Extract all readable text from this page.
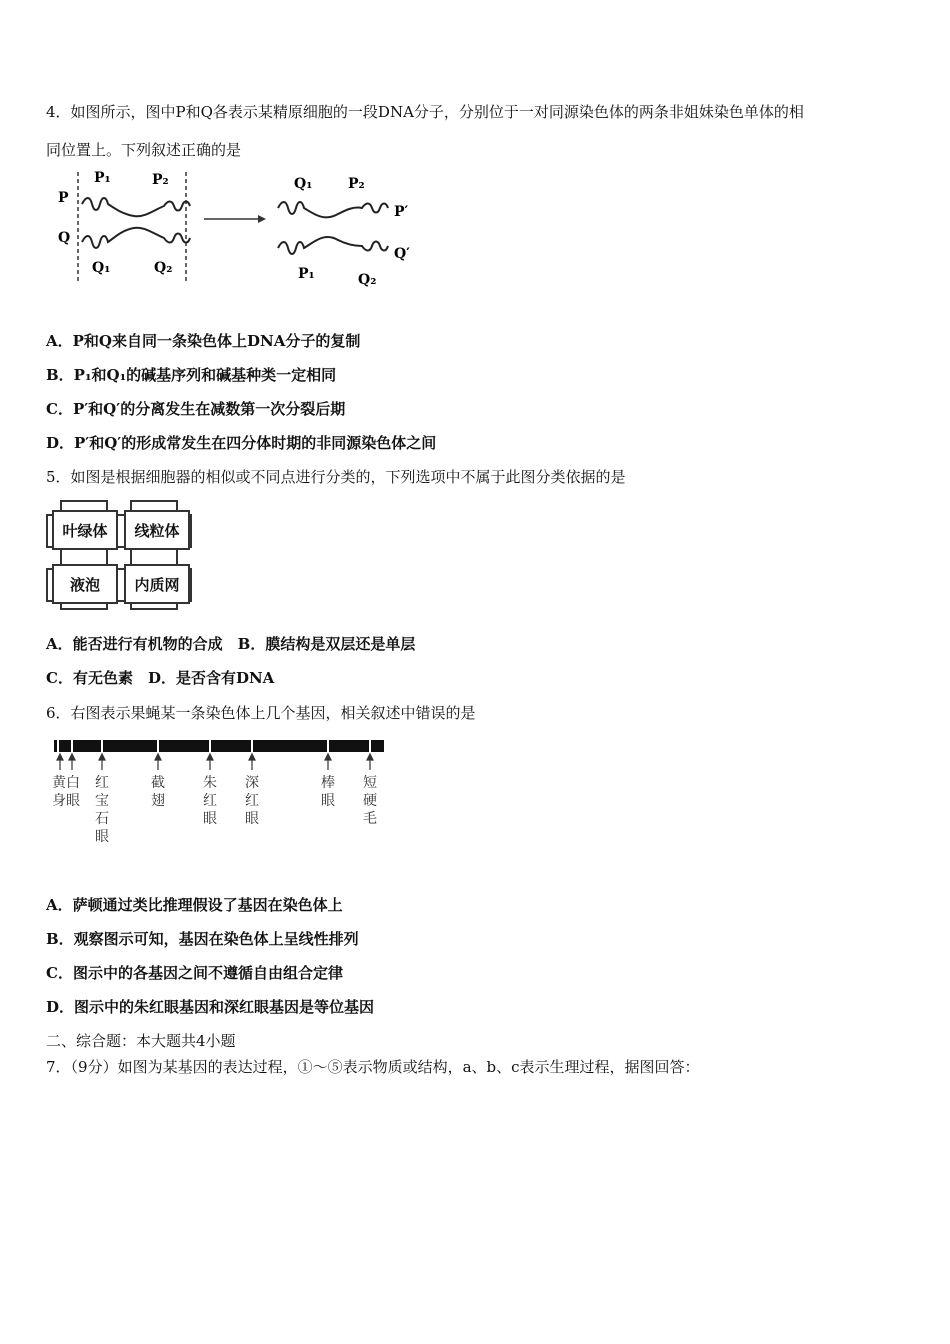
4．如图所示，图中P和Q各表示某精原细胞的一段DNA分子，分别位于一对同源染色体的两条非姐妹染色单体的相
同位置上。下列叙述正确的是
P
Q
P₁	P₂
Q₁	Q₂
Q₁	P₂
P′
Q′
P₁	Q₂
A．P和Q来自同一条染色体上DNA分子的复制
B．P₁和Q₁的碱基序列和碱基种类一定相同
C．P′和Q′的分离发生在减数第一次分裂后期
D．P′和Q′的形成常发生在四分体时期的非同源染色体之间
5．如图是根据细胞器的相似或不同点进行分类的，下列选项中不属于此图分类依据的是
叶绿体	线粒体
液泡	内质网
A．能否进行有机物的合成　B．膜结构是双层还是单层
C．有无色素　D．是否含有DNA
6．右图表示果蝇某一条染色体上几个基因，相关叙述中错误的是
黄白身眼
红宝石眼
截翅
朱红眼
深红眼
棒眼
短硬毛
A．萨顿通过类比推理假设了基因在染色体上
B．观察图示可知，基因在染色体上呈线性排列
C．图示中的各基因之间不遵循自由组合定律
D．图示中的朱红眼基因和深红眼基因是等位基因
二、综合题：本大题共4小题
7．（9分）如图为某基因的表达过程，①～⑤表示物质或结构，a、b、c表示生理过程，据图回答：
